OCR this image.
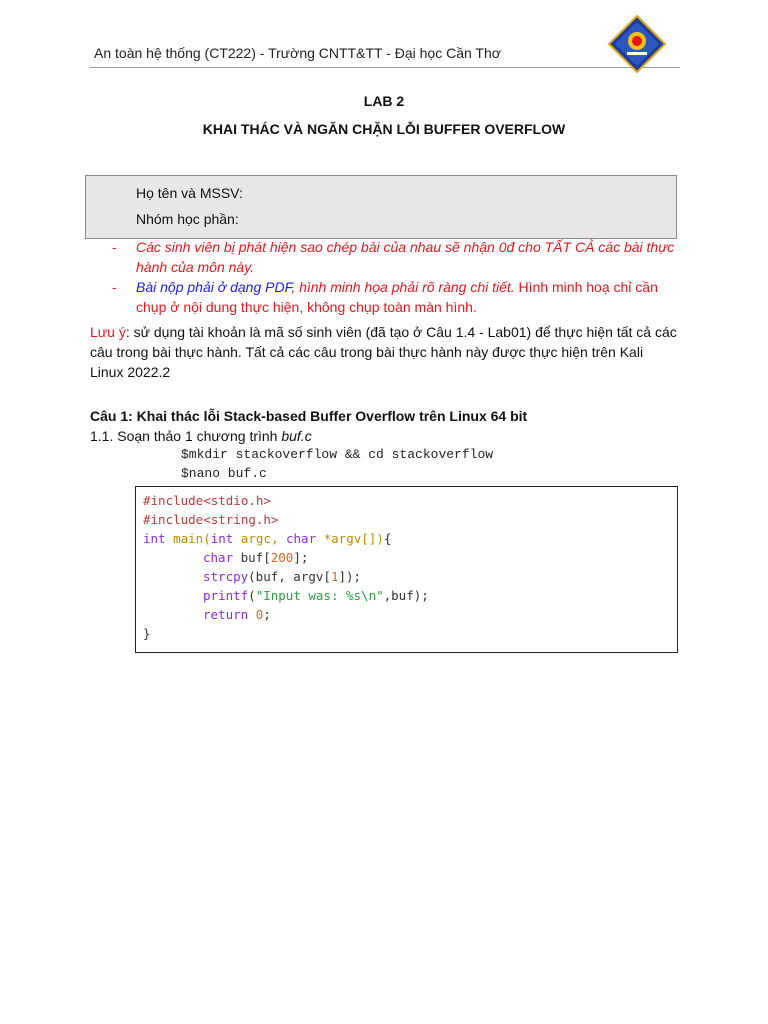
An toàn hệ thống (CT222) - Trường CNTT&TT - Đại học Cần Thơ
LAB 2
KHAI THÁC VÀ NGĂN CHẶN LỖI BUFFER OVERFLOW
Họ tên và MSSV:
Nhóm học phần:
- Các sinh viên bị phát hiện sao chép bài của nhau sẽ nhận 0đ cho TẤT CẢ các bài thực hành của môn này.
- Bài nộp phải ở dạng PDF, hình minh họa phải rõ ràng chi tiết. Hình minh hoạ chỉ cần chụp ở nội dung thực hiện, không chụp toàn màn hình.
Lưu ý: sử dụng tài khoản là mã số sinh viên (đã tạo ở Câu 1.4 - Lab01) để thực hiện tất cả các câu trong bài thực hành. Tất cả các câu trong bài thực hành này được thực hiện trên Kali Linux 2022.2
Câu 1: Khai thác lỗi Stack-based Buffer Overflow trên Linux 64 bit
1.1. Soạn thảo 1 chương trình buf.c
$mkdir stackoverflow && cd stackoverflow
$nano buf.c
#include<stdio.h>
#include<string.h>
int main(int argc, char *argv[]){
char buf[200];
strcpy(buf, argv[1]);
printf("Input was: %s\n",buf);
return 0;
}
